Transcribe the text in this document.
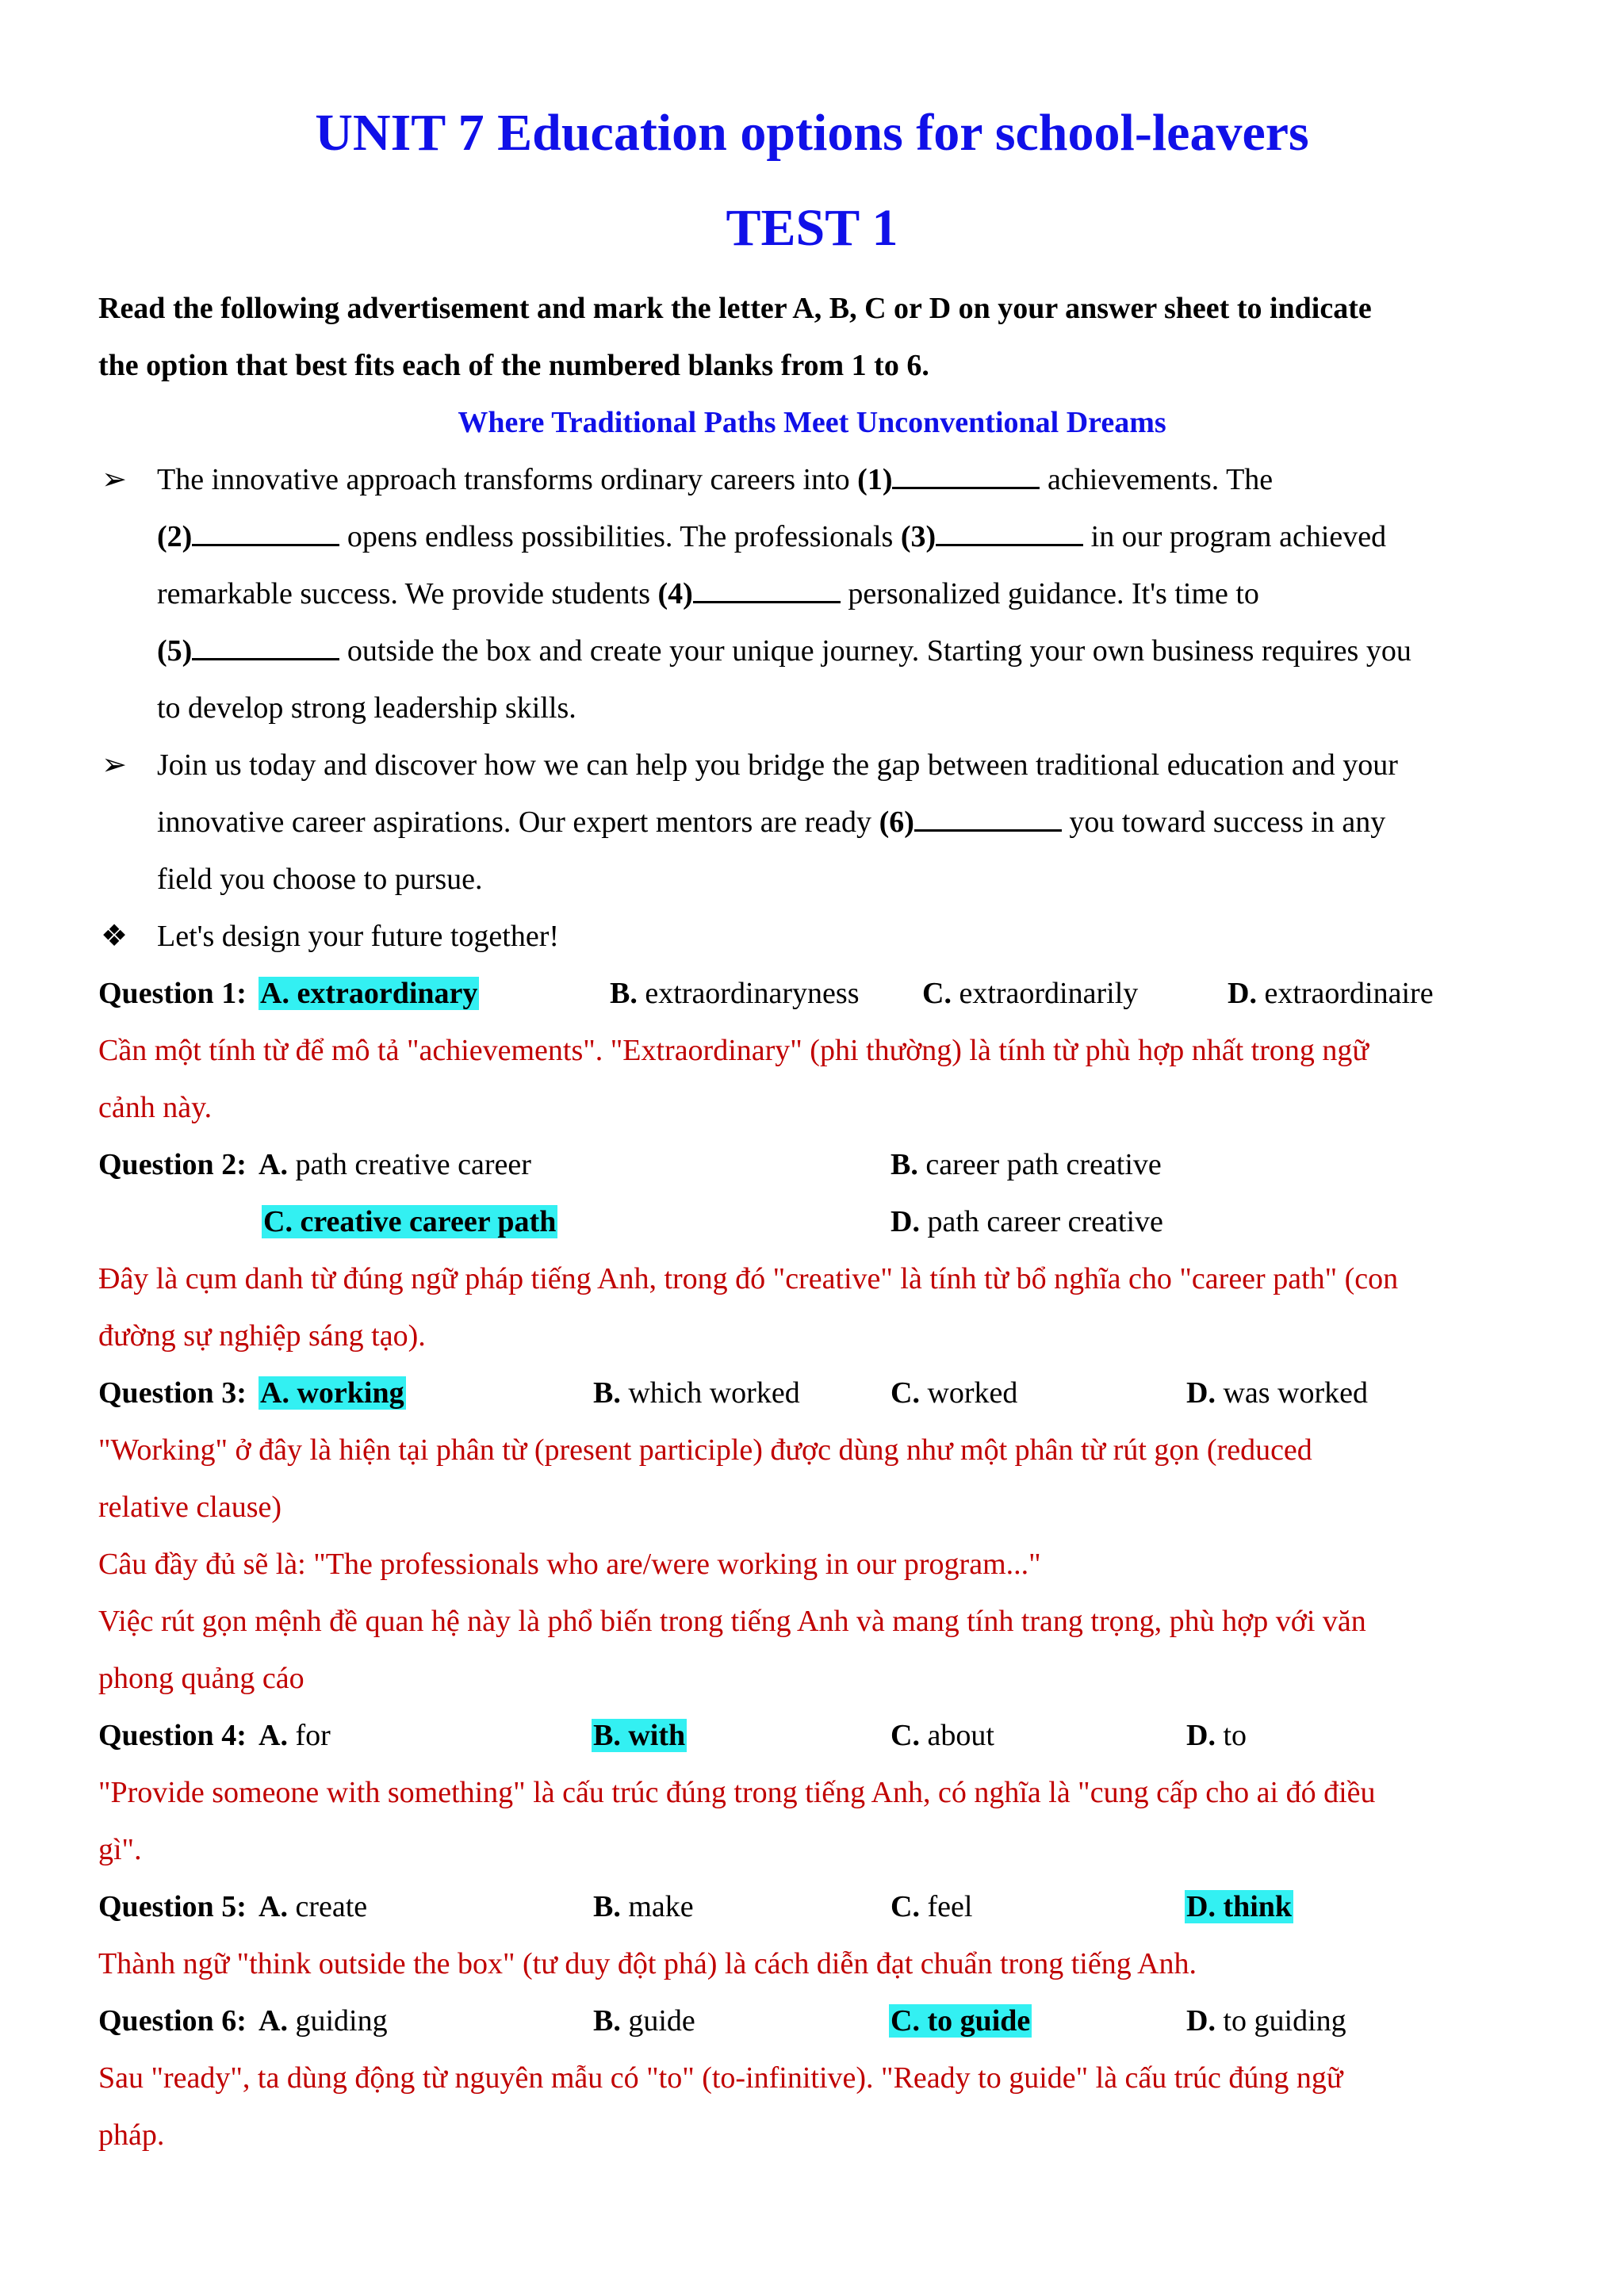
UNIT 7 Education options for school-leavers
TEST 1
Read the following advertisement and mark the letter A, B, C or D on your answer sheet to indicate
the option that best fits each of the numbered blanks from 1 to 6.
Where Traditional Paths Meet Unconventional Dreams
➢ The innovative approach transforms ordinary careers into (1)	achievements. The
(2)	opens endless possibilities. The professionals (3)	in our program achieved
remarkable success. We provide students (4)	personalized guidance. It's time to
(5)	outside the box and create your unique journey. Starting your own business requires you
to develop strong leadership skills.
➢ Join us today and discover how we can help you bridge the gap between traditional education and your
innovative career aspirations. Our expert mentors are ready (6)	you toward success in any
field you choose to pursue.
❖ Let's design your future together!
Question 1: A. extraordinary	B. extraordinaryness C. extraordinarily	D. extraordinaire
Cần một tính từ để mô tả "achievements". "Extraordinary" (phi thường) là tính từ phù hợp nhất trong ngữ
cảnh này.
Question 2: A. path creative career	B. career path creative
C. creative career path	D. path career creative
Đây là cụm danh từ đúng ngữ pháp tiếng Anh, trong đó "creative" là tính từ bổ nghĩa cho "career path" (con
đường sự nghiệp sáng tạo).
Question 3: A. working	B. which worked	C. worked	D. was worked
"Working" ở đây là hiện tại phân từ (present participle) được dùng như một phân từ rút gọn (reduced
relative clause)
Câu đầy đủ sẽ là: "The professionals who are/were working in our program..."
Việc rút gọn mệnh đề quan hệ này là phổ biến trong tiếng Anh và mang tính trang trọng, phù hợp với văn
phong quảng cáo
Question 4: A. for	B. with	C. about	D. to
"Provide someone with something" là cấu trúc đúng trong tiếng Anh, có nghĩa là "cung cấp cho ai đó điều
gì".
Question 5: A. create	B. make	C. feel	D. think
Thành ngữ "think outside the box" (tư duy đột phá) là cách diễn đạt chuẩn trong tiếng Anh.
Question 6: A. guiding	B. guide	C. to guide	D. to guiding
Sau "ready", ta dùng động từ nguyên mẫu có "to" (to-infinitive). "Ready to guide" là cấu trúc đúng ngữ
pháp.
